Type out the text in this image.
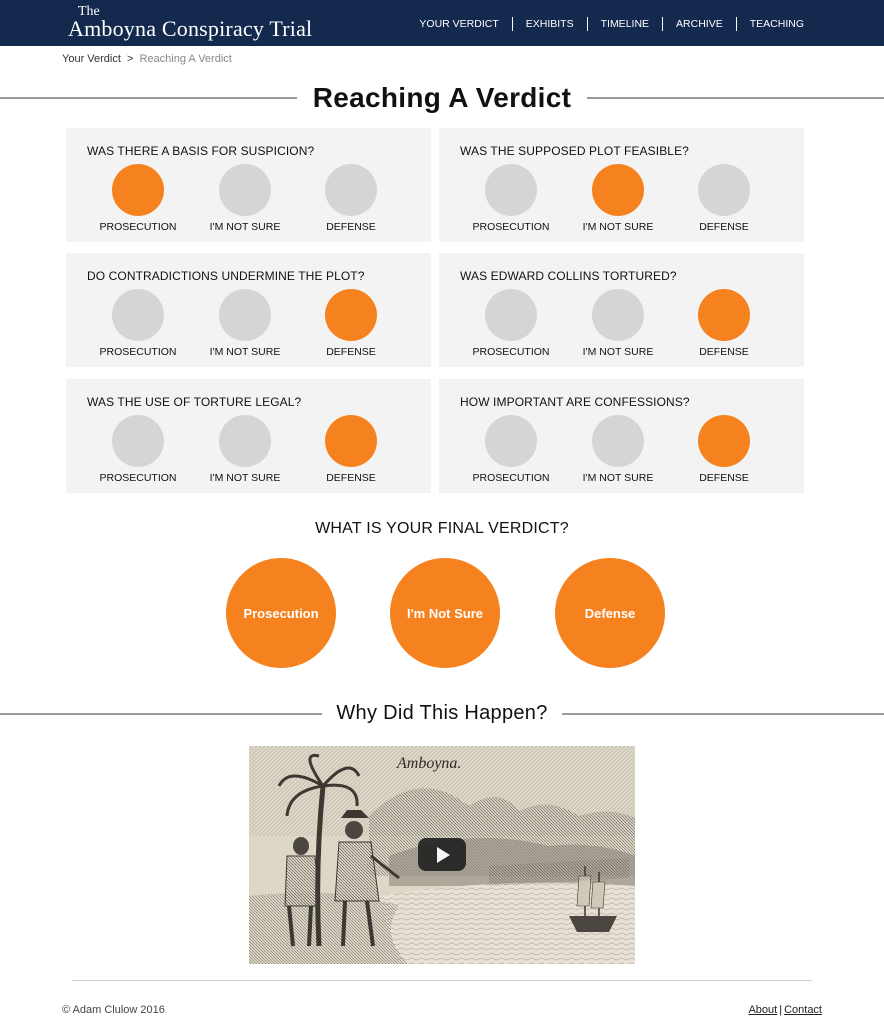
The
Amboyna Conspiracy Trial	YOUR VERDICT	EXHIBITS	TIMELINE	ARCHIVE	TEACHING
Your Verdict > Reaching A Verdict
Reaching A Verdict
WAS THERE A BASIS FOR SUSPICION?
PROSECUTION	I'M NOT SURE	DEFENSE
WAS THE SUPPOSED PLOT FEASIBLE?
PROSECUTION	I'M NOT SURE	DEFENSE
DO CONTRADICTIONS UNDERMINE THE PLOT?
PROSECUTION	I'M NOT SURE	DEFENSE
WAS EDWARD COLLINS TORTURED?
PROSECUTION	I'M NOT SURE	DEFENSE
WAS THE USE OF TORTURE LEGAL?
PROSECUTION	I'M NOT SURE	DEFENSE
HOW IMPORTANT ARE CONFESSIONS?
PROSECUTION	I'M NOT SURE	DEFENSE
WHAT IS YOUR FINAL VERDICT?
Prosecution	I'm Not Sure	Defense
Why Did This Happen?
Amboyna.
© Adam Clulow 2016	About | Contact
